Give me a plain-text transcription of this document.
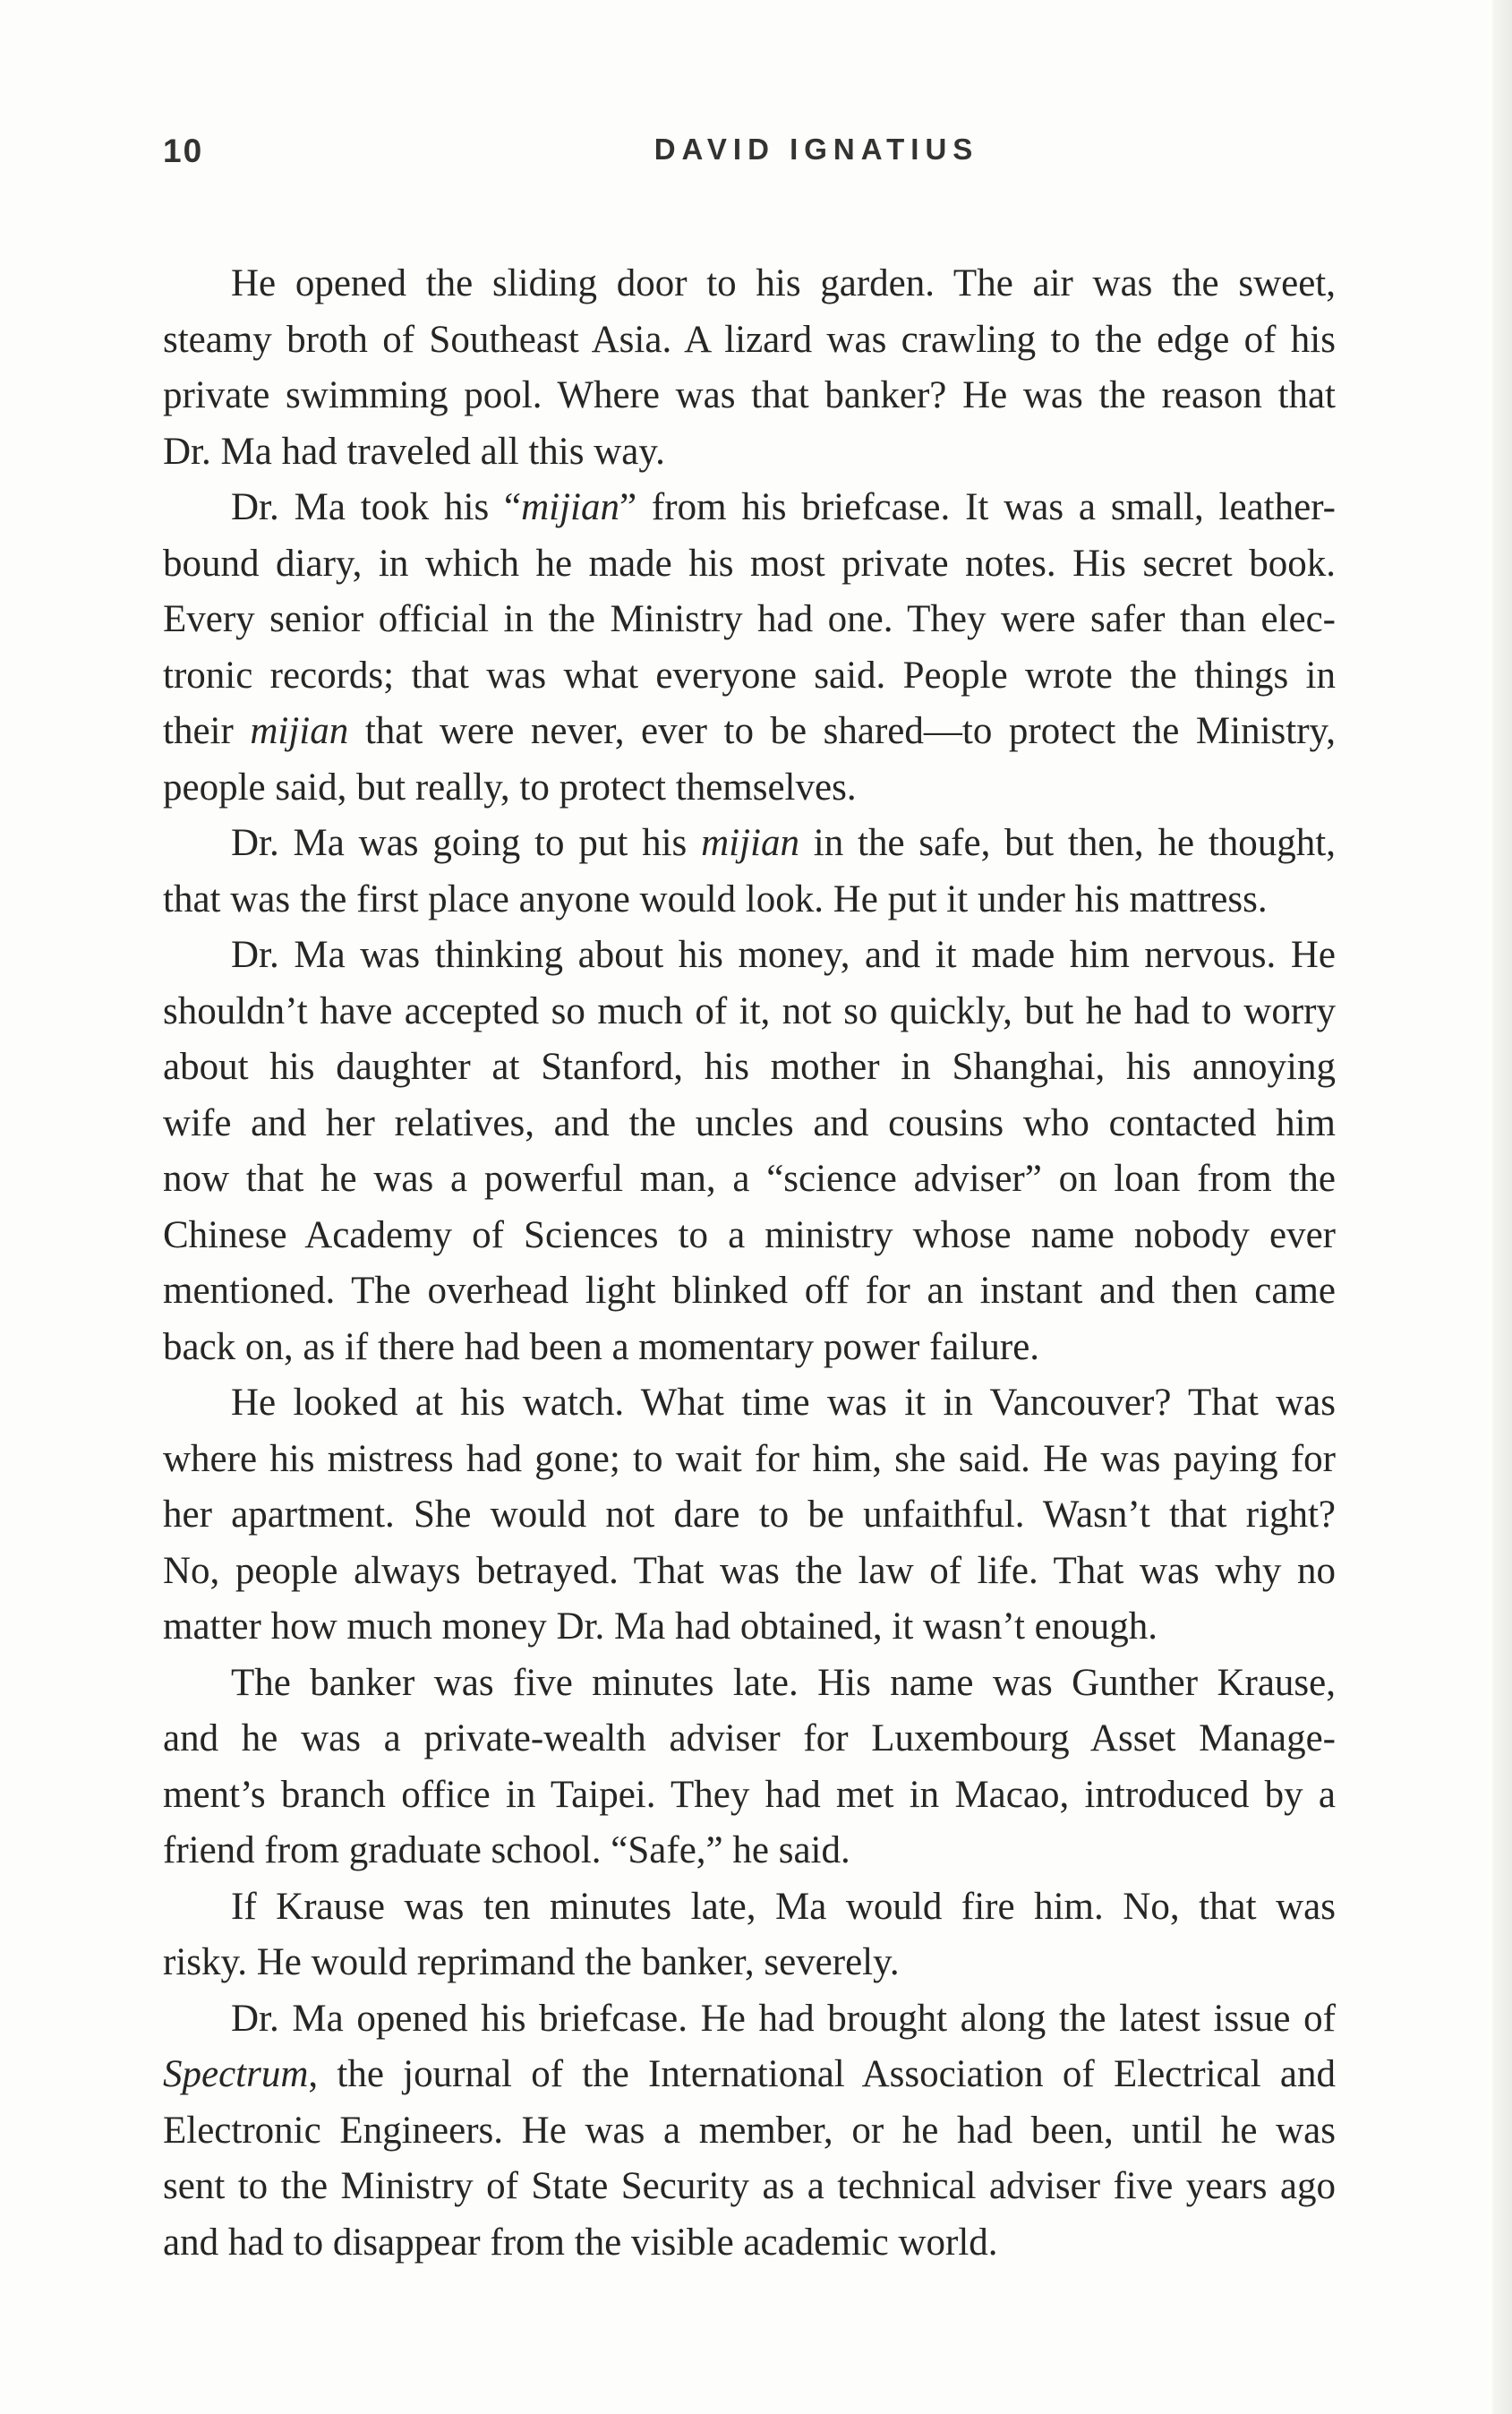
10	DAVID IGNATIUS

He opened the sliding door to his garden. The air was the sweet,
steamy broth of Southeast Asia. A lizard was crawling to the edge of his
private swimming pool. Where was that banker? He was the reason that
Dr. Ma had traveled all this way.

Dr. Ma took his “mijian” from his briefcase. It was a small, leather-
bound diary, in which he made his most private notes. His secret book.
Every senior official in the Ministry had one. They were safer than elec-
tronic records; that was what everyone said. People wrote the things in
their mijian that were never, ever to be shared—to protect the Ministry,
people said, but really, to protect themselves.

Dr. Ma was going to put his mijian in the safe, but then, he thought,
that was the first place anyone would look. He put it under his mattress.

Dr. Ma was thinking about his money, and it made him nervous. He
shouldn’t have accepted so much of it, not so quickly, but he had to worry
about his daughter at Stanford, his mother in Shanghai, his annoying
wife and her relatives, and the uncles and cousins who contacted him
now that he was a powerful man, a “science adviser” on loan from the
Chinese Academy of Sciences to a ministry whose name nobody ever
mentioned. The overhead light blinked off for an instant and then came
back on, as if there had been a momentary power failure.

He looked at his watch. What time was it in Vancouver? That was
where his mistress had gone; to wait for him, she said. He was paying for
her apartment. She would not dare to be unfaithful. Wasn’t that right?
No, people always betrayed. That was the law of life. That was why no
matter how much money Dr. Ma had obtained, it wasn’t enough.

The banker was five minutes late. His name was Gunther Krause,
and he was a private-wealth adviser for Luxembourg Asset Manage-
ment’s branch office in Taipei. They had met in Macao, introduced by a
friend from graduate school. “Safe,” he said.

If Krause was ten minutes late, Ma would fire him. No, that was
risky. He would reprimand the banker, severely.

Dr. Ma opened his briefcase. He had brought along the latest issue of
Spectrum, the journal of the International Association of Electrical and
Electronic Engineers. He was a member, or he had been, until he was
sent to the Ministry of State Security as a technical adviser five years ago
and had to disappear from the visible academic world.
